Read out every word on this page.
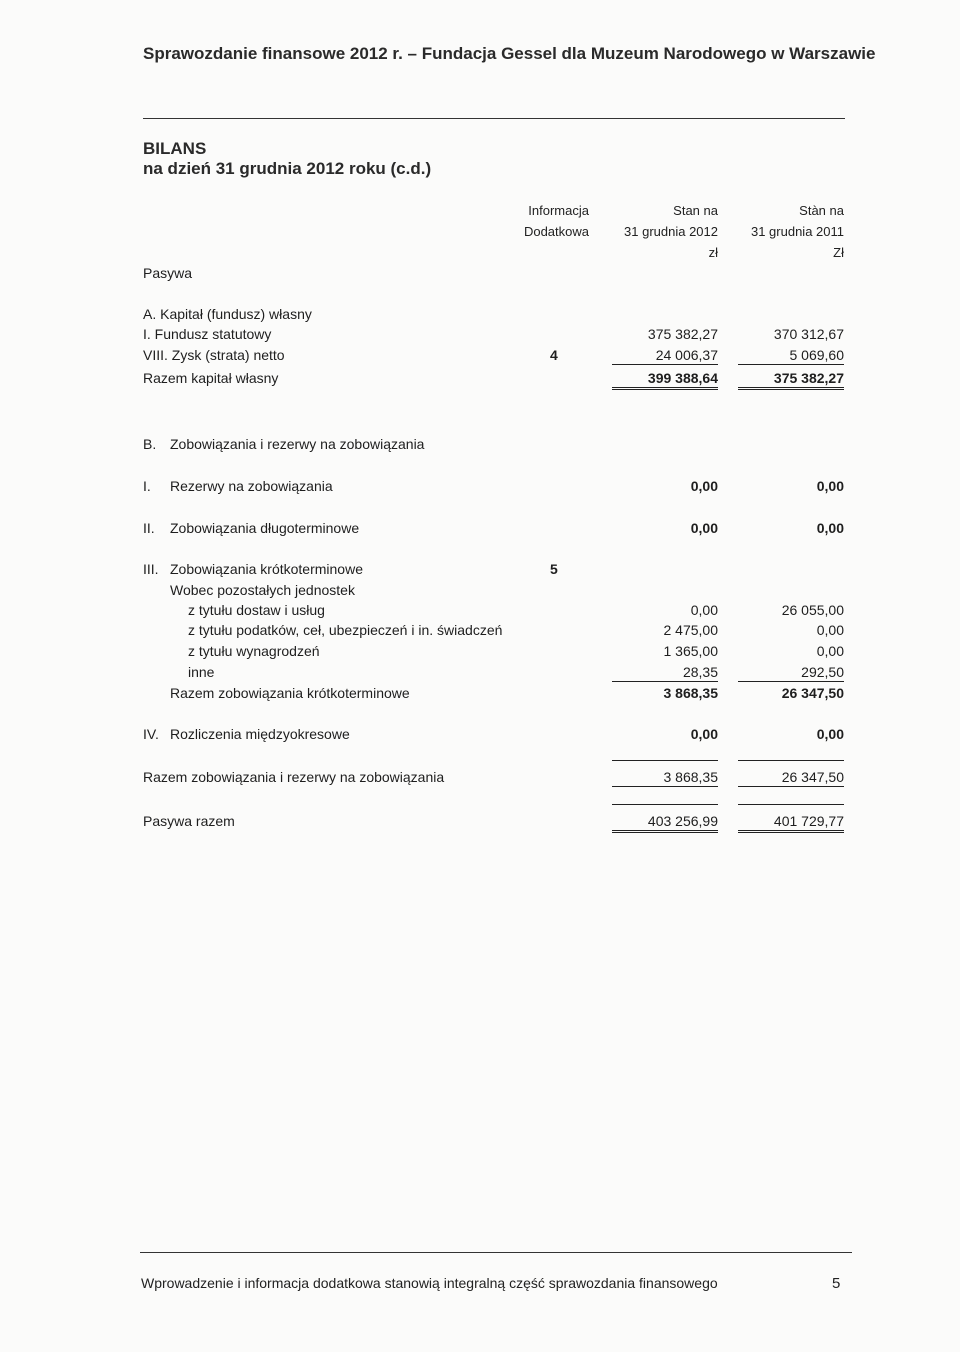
Sprawozdanie finansowe 2012 r. – Fundacja Gessel dla Muzeum Narodowego w Warszawie
BILANS
na dzień 31 grudnia 2012 roku (c.d.)
Informacja
Dodatkowa
Stan na
31 grudnia 2012
zł
Stàn na
31 grudnia 2011
Zł
Pasywa
A. Kapitał (fundusz) własny
I. Fundusz statutowy	375 382,27	370 312,67
VIII. Zysk (strata) netto	4	24 006,37	5 069,60
Razem kapitał własny	399 388,64	375 382,27
B. Zobowiązania i rezerwy na zobowiązania
I. Rezerwy na zobowiązania	0,00	0,00
II. Zobowiązania długoterminowe	0,00	0,00
III. Zobowiązania krótkoterminowe	5
Wobec pozostałych jednostek
z tytułu dostaw i usług	0,00	26 055,00
z tytułu podatków, ceł, ubezpieczeń i in. świadczeń	2 475,00	0,00
z tytułu wynagrodzeń	1 365,00	0,00
inne	28,35	292,50
Razem zobowiązania krótkoterminowe	3 868,35	26 347,50
IV. Rozliczenia międzyokresowe	0,00	0,00
Razem zobowiązania i rezerwy na zobowiązania	3 868,35	26 347,50
Pasywa razem	403 256,99	401 729,77
Wprowadzenie i informacja dodatkowa stanowią integralną część sprawozdania finansowego	5
